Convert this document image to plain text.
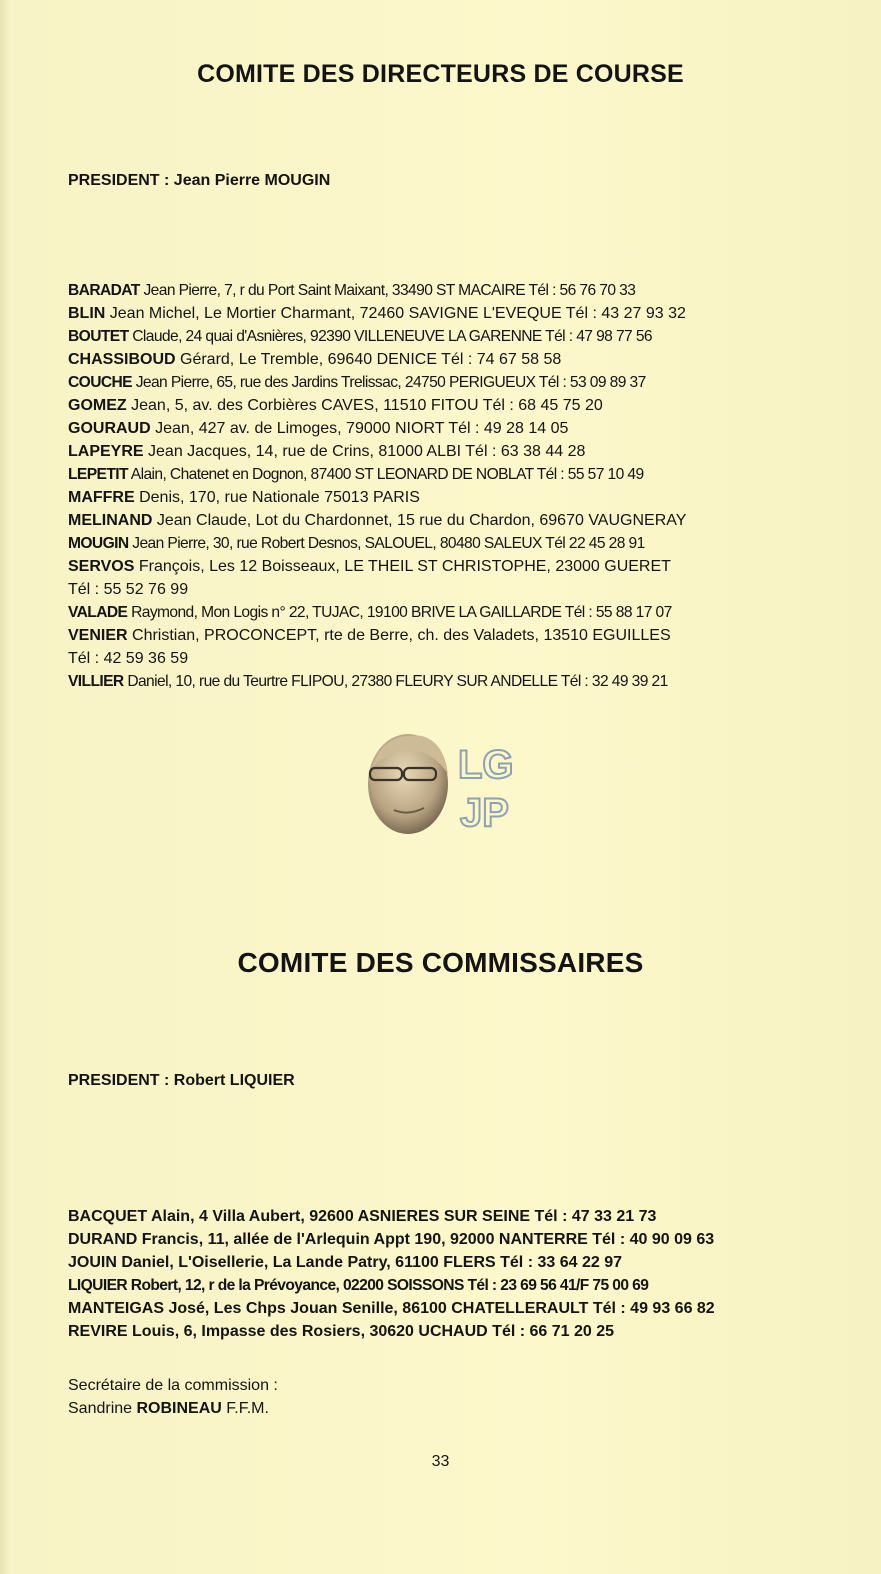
COMITE DES DIRECTEURS DE COURSE
PRESIDENT : Jean Pierre MOUGIN
BARADAT Jean Pierre, 7, r du Port Saint Maixant, 33490 ST MACAIRE Tél : 56 76 70 33
BLIN Jean Michel, Le Mortier Charmant, 72460 SAVIGNE L'EVEQUE Tél : 43 27 93 32
BOUTET Claude, 24 quai d'Asnières, 92390 VILLENEUVE LA GARENNE Tél : 47 98 77 56
CHASSIBOUD Gérard, Le Tremble, 69640 DENICE Tél : 74 67 58 58
COUCHE Jean Pierre, 65, rue des Jardins Trelissac, 24750 PERIGUEUX Tél : 53 09 89 37
GOMEZ Jean, 5, av. des Corbières CAVES, 11510 FITOU Tél : 68 45 75 20
GOURAUD Jean, 427 av. de Limoges, 79000 NIORT Tél : 49 28 14 05
LAPEYRE Jean Jacques, 14, rue de Crins, 81000 ALBI Tél : 63 38 44 28
LEPETIT Alain, Chatenet en Dognon, 87400 ST LEONARD DE NOBLAT Tél : 55 57 10 49
MAFFRE Denis, 170, rue Nationale 75013 PARIS
MELINAND Jean Claude, Lot du Chardonnet, 15 rue du Chardon, 69670 VAUGNERAY
MOUGIN Jean Pierre, 30, rue Robert Desnos, SALOUEL, 80480 SALEUX Tél 22 45 28 91
SERVOS François, Les 12 Boisseaux, LE THEIL ST CHRISTOPHE, 23000 GUERET
Tél : 55 52 76 99
VALADE Raymond, Mon Logis n° 22, TUJAC, 19100 BRIVE LA GAILLARDE Tél : 55 88 17 07
VENIER Christian, PROCONCEPT, rte de Berre, ch. des Valadets, 13510 EGUILLES
Tél : 42 59 36 59
VILLIER Daniel, 10, rue du Teurtre FLIPOU, 27380 FLEURY SUR ANDELLE Tél : 32 49 39 21
LG
JP
COMITE DES COMMISSAIRES
PRESIDENT : Robert LIQUIER
BACQUET Alain, 4 Villa Aubert, 92600 ASNIERES SUR SEINE Tél : 47 33 21 73
DURAND Francis, 11, allée de l'Arlequin Appt 190, 92000 NANTERRE Tél : 40 90 09 63
JOUIN Daniel, L'Oisellerie, La Lande Patry, 61100 FLERS Tél : 33 64 22 97
LIQUIER Robert, 12, r de la Prévoyance, 02200 SOISSONS Tél : 23 69 56 41/F 75 00 69
MANTEIGAS José, Les Chps Jouan Senille, 86100 CHATELLERAULT Tél : 49 93 66 82
REVIRE Louis, 6, Impasse des Rosiers, 30620 UCHAUD Tél : 66 71 20 25
Secrétaire de la commission :
Sandrine ROBINEAU F.F.M.
33
